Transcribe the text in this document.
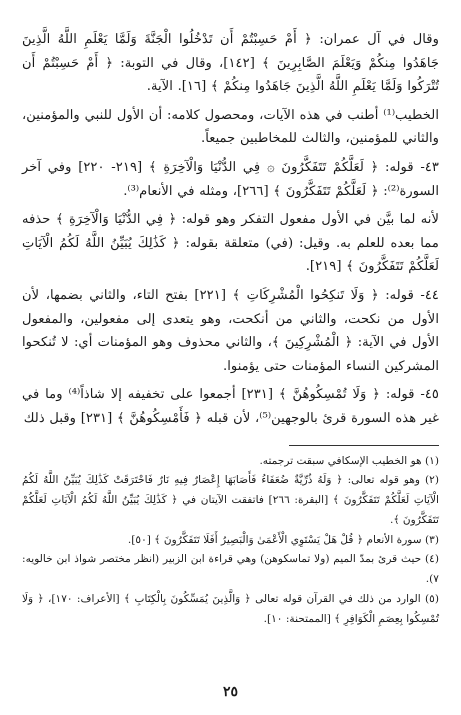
وقال في آل عمران: ﴿ أَمْ حَسِبْتُمْ أَن تَدْخُلُوا الْجَنَّةَ وَلَمَّا يَعْلَمِ اللَّهُ الَّذِينَ جَاهَدُوا مِنكُمْ وَيَعْلَمَ الصَّابِرِينَ ﴾ [١٤٢]، وقال في التوبة: ﴿ أَمْ حَسِبْتُمْ أَن تُتْرَكُوا وَلَمَّا يَعْلَمِ اللَّهُ الَّذِينَ جَاهَدُوا مِنكُمْ ﴾ [١٦]. الآية.

الخطيب⁽¹⁾ أطنب في هذه الآيات، ومحصول كلامه: أن الأول للنبي والمؤمنين، والثاني للمؤمنين، والثالث للمخاطبين جميعاً.

٤٣- قوله: ﴿ لَعَلَّكُمْ تَتَفَكَّرُونَ ۞ فِي الدُّنْيَا وَالْآخِرَةِ ﴾ [٢١٩- ٢٢٠] وفي آخر السورة⁽²⁾: ﴿ لَعَلَّكُمْ تَتَفَكَّرُونَ ﴾ [٢٦٦]، ومثله في الأنعام⁽³⁾.

لأنه لما بيَّن في الأول مفعول التفكر وهو قوله: ﴿ فِي الدُّنْيَا وَالْآخِرَةِ ﴾ حذفه مما بعده للعلم به. وقيل: (في) متعلقة بقوله: ﴿ كَذَٰلِكَ يُبَيِّنُ اللَّهُ لَكُمُ الْآيَاتِ لَعَلَّكُمْ تَتَفَكَّرُونَ ﴾ [٢١٩].

٤٤- قوله: ﴿ وَلَا تَنكِحُوا الْمُشْرِكَاتِ ﴾ [٢٢١] بفتح التاء، والثاني بضمها، لأن الأول من نكحت، والثاني من أنكحت، وهو يتعدى إلى مفعولين، والمفعول الأول في الآية: ﴿ الْمُشْرِكِينَ ﴾، والثاني محذوف وهو المؤمنات أي: لا تُنكحوا المشركين النساء المؤمنات حتى يؤمنوا.

٤٥- قوله: ﴿ وَلَا تُمْسِكُوهُنَّ ﴾ [٢٣١] أجمعوا على تخفيفه إلا شاذاً⁽⁴⁾ وما في غير هذه السورة قرئ بالوجهين⁽⁵⁾، لأن قبله ﴿ فَأَمْسِكُوهُنَّ ﴾ [٢٣١] وقبل ذلك

(١) هو الخطيب الإسكافي سبقت ترجمته.

(٢) وهو قوله تعالى: ﴿ وَلَهُ ذُرِّيَّةٌ ضُعَفَاءُ فَأَصَابَهَا إِعْصَارٌ فِيهِ نَارٌ فَاحْتَرَقَتْ كَذَٰلِكَ يُبَيِّنُ اللَّهُ لَكُمُ الْآيَاتِ لَعَلَّكُمْ تَتَفَكَّرُونَ ﴾ [البقرة: ٢٦٦] فاتفقت الآيتان في ﴿ كَذَٰلِكَ يُبَيِّنُ اللَّهُ لَكُمُ الْآيَاتِ لَعَلَّكُمْ تَتَفَكَّرُونَ ﴾.

(٣) سورة الأنعام ﴿ قُلْ هَلْ يَسْتَوِي الْأَعْمَىٰ وَالْبَصِيرُ أَفَلَا تَتَفَكَّرُونَ ﴾ [٥٠].

(٤) حيث قرئ بمدّ الميم (ولا تماسكوهن) وهي قراءة ابن الزبير (انظر مختصر شواذ ابن خالويه: ٧).

(٥) الوارد من ذلك في القرآن قوله تعالى ﴿ وَالَّذِينَ يُمَسِّكُونَ بِالْكِتَابِ ﴾ [الأعراف: ١٧٠]، ﴿ وَلَا تُمْسِكُوا بِعِصَمِ الْكَوَافِرِ ﴾ [الممتحنة: ١٠].

٢٥
